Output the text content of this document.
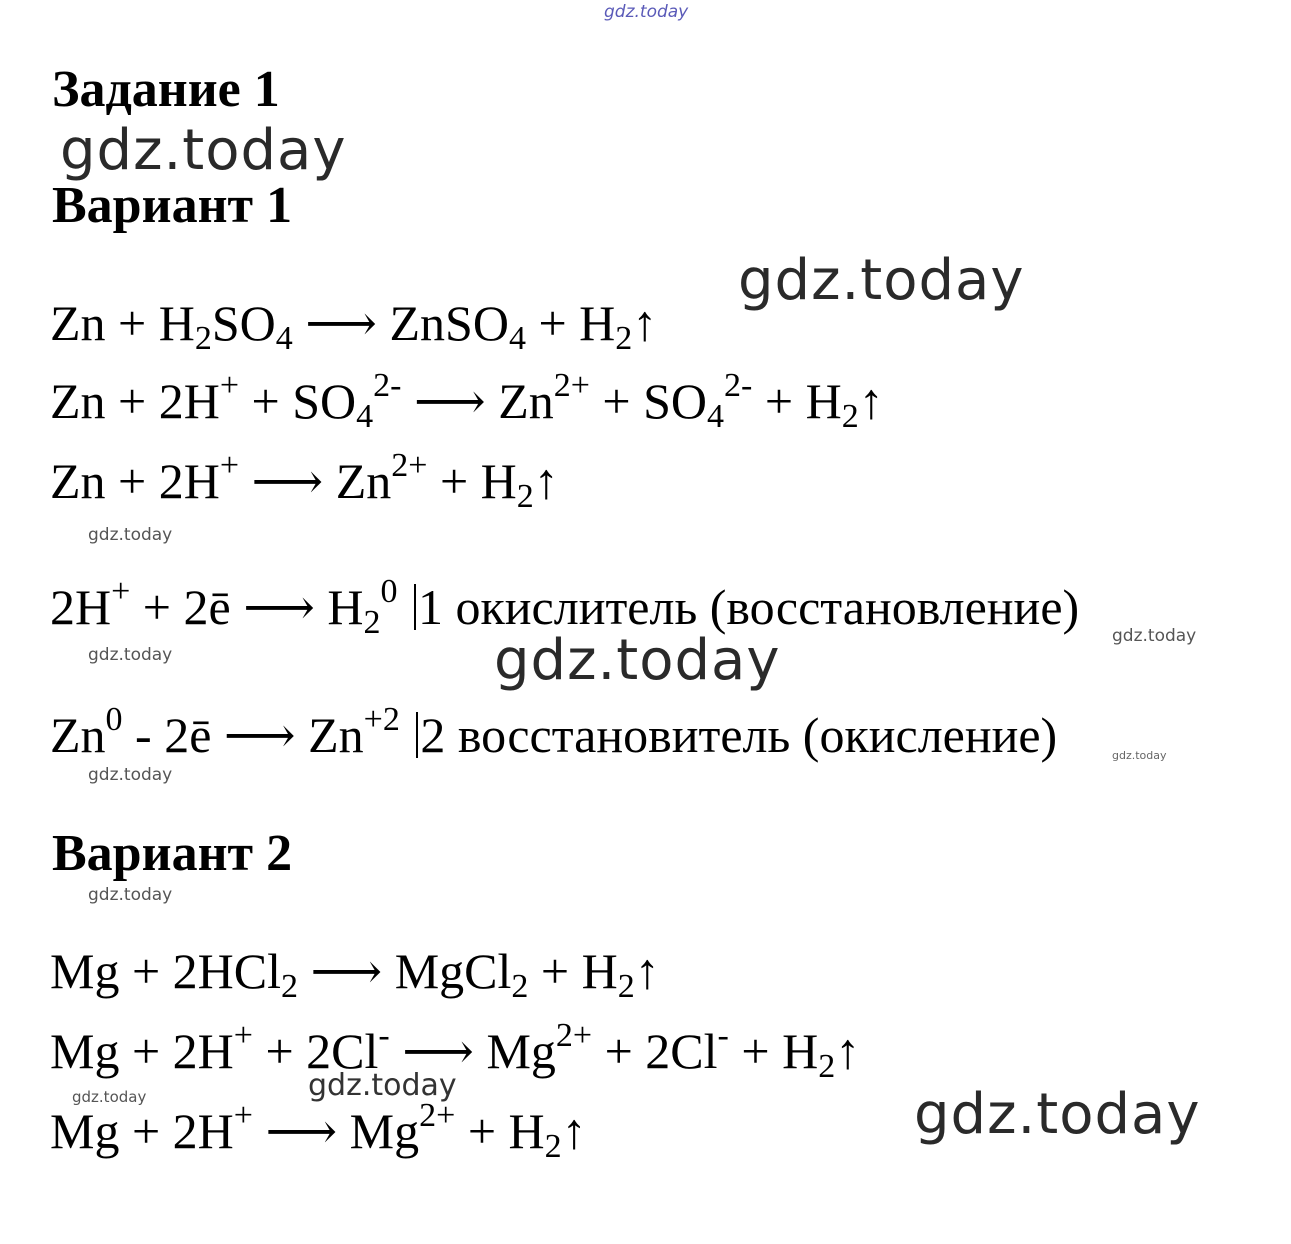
gdz.today
gdz.today
gdz.today
gdz.today
gdz.today
gdz.today
gdz.today
gdz.today
gdz.today
gdz.today
gdz.today	gdz.today	gdz.today
Задание 1
Вариант 1
Вариант 2
$Zn + H_2SO_4$ ⟶ ZnSO$_4$ + $H_2↑$
$Zn + 2H^+ + SO_4^{2-}$ ⟶ $Zn^{2+} + SO_4^{2-}$ + $H_2↑$
Zn + 2H+ ⟶ $Zn^{2+}$ + $H_2↑$
2H+ + 2ē ⟶ $H_2^0$ 1 окислитель (восстановление)
Zn$^0$ - 2ē ⟶ $Zn^{+2}$ 2 восстановитель (окисление)
Mg + 2HCl$_2$ ⟶ MgCl$_2$ + $H_2↑$
Mg + 2H+ + 2Cl- ⟶ $Mg^{2+} + 2Cl^-$ + $H_2↑$
Mg + 2H+ ⟶ $Mg^{2+}$ + $H_2↑$
